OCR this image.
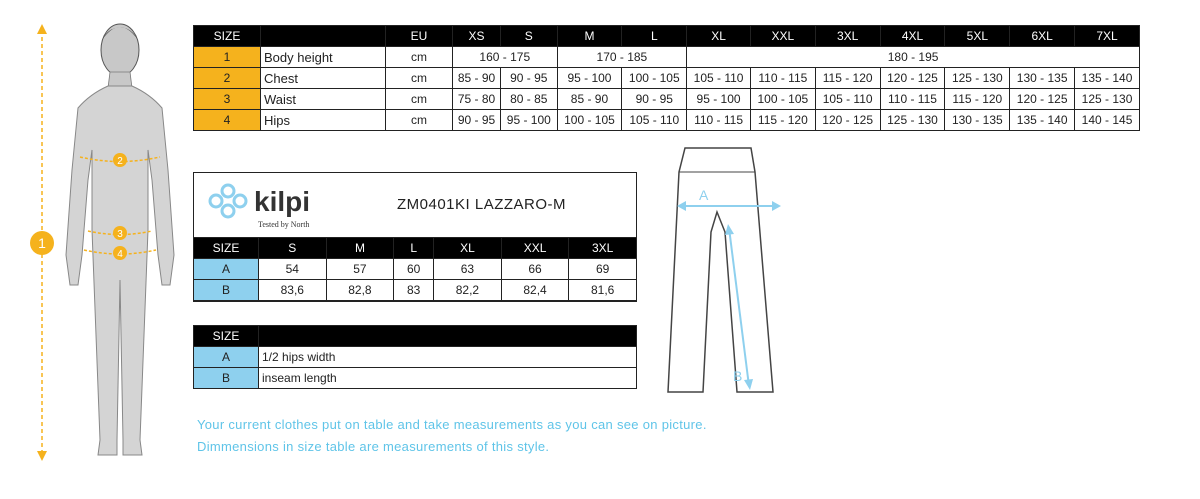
1
2
3
4
SIZE		EU	XS	S	M	L	XL	XXL	3XL	4XL	5XL	6XL	7XL
1	Body height	cm	160 - 175		170 - 185		180 - 195						
2	Chest	cm	85 - 90	90 - 95	95 - 100	100 - 105	105 - 110	110 - 115	115 - 120	120 - 125	125 - 130	130 - 135	135 - 140
3	Waist	cm	75 - 80	80 - 85	85 - 90	90 - 95	95 - 100	100 - 105	105 - 110	110 - 115	115 - 120	120 - 125	125 - 130
4	Hips	cm	90 - 95	95 - 100	100 - 105	105 - 110	110 - 115	115 - 120	120 - 125	125 - 130	130 - 135	135 - 140	140 - 145
kilpi
Tested by North
ZM0401KI LAZZARO-M
SIZE	S	M	L	XL	XXL	3XL
A	54	57	60	63	66	69
B	83,6	82,8	83	82,2	82,4	81,6
SIZE	
A	1/2 hips width
B	inseam length
A
B
Your current clothes put on table and take measurements as you can see on picture.
Dimmensions in size table are measurements of this style.
